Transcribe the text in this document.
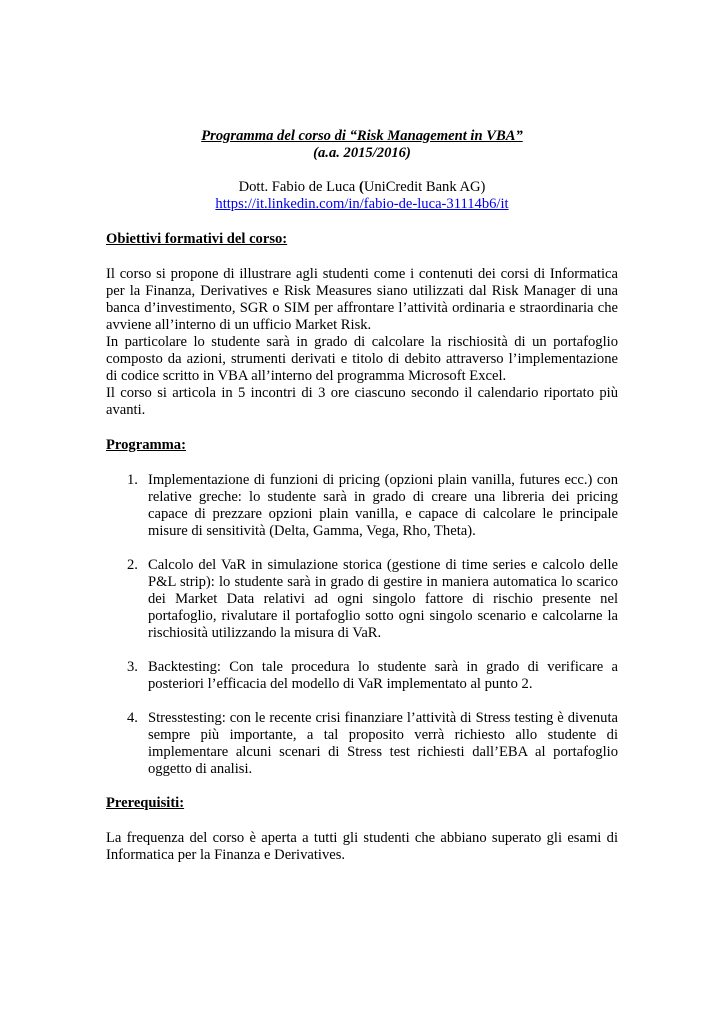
Programma del corso di “Risk Management in VBA”
(a.a. 2015/2016)
Dott. Fabio de Luca (UniCredit Bank AG)
https://it.linkedin.com/in/fabio-de-luca-31114b6/it
Obiettivi formativi del corso:
Il corso si propone di illustrare agli studenti come i contenuti dei corsi di Informatica per la Finanza, Derivatives e Risk Measures siano utilizzati dal Risk Manager di una banca d’investimento, SGR o SIM per affrontare l’attività ordinaria e straordinaria che avviene all’interno di un ufficio Market Risk.
In particolare lo studente sarà in grado di calcolare la rischiosità di un portafoglio composto da azioni, strumenti derivati e titolo di debito attraverso l’implementazione di codice scritto in VBA all’interno del programma Microsoft Excel.
Il corso si articola in 5 incontri di 3 ore ciascuno secondo il calendario riportato più avanti.
Programma:
1. Implementazione di funzioni di pricing (opzioni plain vanilla, futures ecc.) con relative greche: lo studente sarà in grado di creare una libreria dei pricing capace di prezzare opzioni plain vanilla, e capace di calcolare le principale misure di sensitività (Delta, Gamma, Vega, Rho, Theta).
2. Calcolo del VaR in simulazione storica (gestione di time series e calcolo delle P&L strip): lo studente sarà in grado di gestire in maniera automatica lo scarico dei Market Data relativi ad ogni singolo fattore di rischio presente nel portafoglio, rivalutare il portafoglio sotto ogni singolo scenario e calcolarne la rischiosità utilizzando la misura di VaR.
3. Backtesting: Con tale procedura lo studente sarà in grado di verificare a posteriori l’efficacia del modello di VaR implementato al punto 2.
4. Stresstesting: con le recente crisi finanziare l’attività di Stress testing è divenuta sempre più importante, a tal proposito verrà richiesto allo studente di implementare alcuni scenari di Stress test richiesti dall’EBA al portafoglio oggetto di analisi.
Prerequisiti:
La frequenza del corso è aperta a tutti gli studenti che abbiano superato gli esami di Informatica per la Finanza e Derivatives.
